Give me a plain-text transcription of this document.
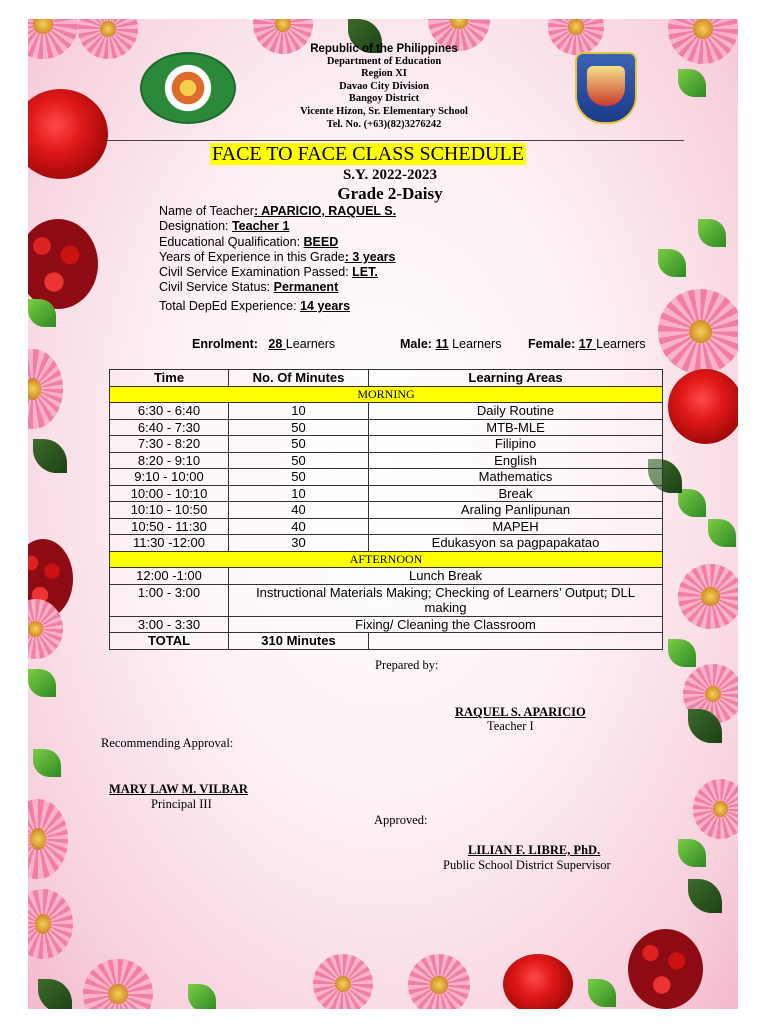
Republic of the Philippines
Department of Education
Region XI
Davao City Division
Bangoy District
Vicente Hizon, Sr. Elementary School
Tel. No. (+63)(82)3276242
FACE TO FACE CLASS SCHEDULE
S.Y. 2022-2023
Grade 2-Daisy
Name of Teacher: APARICIO, RAQUEL S.
Designation: Teacher 1
Educational Qualification: BEED
Years of Experience in this Grade: 3 years
Civil Service Examination Passed: LET.
Civil Service Status: Permanent
Total DepEd Experience: 14 years
Enrolment: 28 Learners	Male: 11 Learners Female: 17 Learners
Time	No. Of Minutes	Learning Areas
MORNING		
6:30 - 6:40	10	Daily Routine
6:40 - 7:30	50	MTB-MLE
7:30 - 8:20	50	Filipino
8:20 - 9:10	50	English
9:10 - 10:00	50	Mathematics
10:00 - 10:10	10	Break
10:10 - 10:50	40	Araling Panlipunan
10:50 - 11:30	40	MAPEH
11:30 -12:00	30	Edukasyon sa pagpapakatao
AFTERNOON		
12:00 -1:00	Lunch Break	
1:00 - 3:00	Instructional Materials Making; Checking of Learners’ Output; DLL making	
3:00 - 3:30	Fixing/ Cleaning the Classroom	
TOTAL	310 Minutes	
Prepared by:
RAQUEL S. APARICIO
Teacher I
Recommending Approval:
MARY LAW M. VILBAR
Principal III
Approved:
LILIAN F. LIBRE, PhD.
Public School District Supervisor
